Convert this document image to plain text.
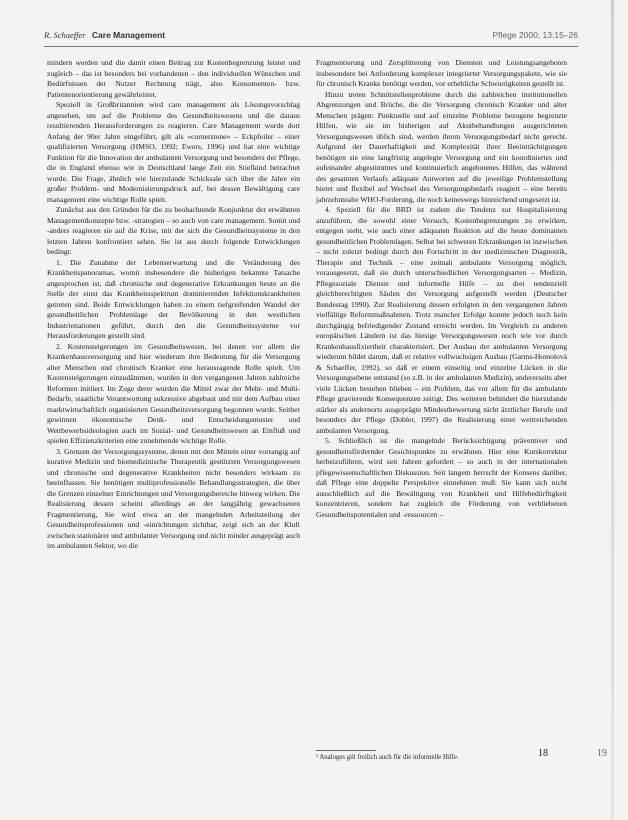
R. Schaeffer Care Management	Pflege 2000; 13:15–26

mindern werden und die damit einen Beitrag zur Kostenbegrenzung leistet und zugleich – das ist besonders bei vorhandenen – den individuellen Wünschen und Bedürfnissen der Nutzer Rechnung trägt, also Konsumenten- bzw. Patientenorientierung gewährleistet.

Speziell in Großbritannien wird care management als Lösungsvorschlag angesehen, um auf die Probleme des Gesundheitswesens und die daraus resultierenden Herausforderungen zu reagieren. Care Management wurde dort Anfang der 90er Jahre eingeführt, gilt als «cornerstone» – Eckpfeiler – einer qualifizierten Versorgung (HMSO, 1992; Ewers, 1996) und hat eine wichtige Funktion für die Innovation der ambulanten Versorgung und besonders der Pflege, die in England ebenso wie in Deutschland lange Zeit ein Stiefkind betrachtet wurde. Die Frage, ähnlich wie hierzulande Schicksale sich über die Jahre ein großer Problem- und Modernisierungsdruck auf, bei dessen Bewältigung care management eine wichtige Rolle spielt.

Zunächst aus den Gründen für die zu beobachtende Konjunktur der erwähnten Managementkonzepte bzw. -strategien – so auch von care management. Somit und -anders reagieren sie auf die Krise, mit der sich die Gesundheitssysteme in den letzten Jahren konfrontiert sehen. Sie ist aus durch folgende Entwicklungen bedingt:

1. Die Zunahme der Lebenserwartung und die Veränderung des Krankheitspanoramas, womit insbesondere die bisherigen bekannte Tatsache angesprochen ist, daß chronische und degenerative Erkrankungen heute an die Stelle der einst das Krankheitsspektrum dominierenden Infektionskrankheiten getreten sind. Beide Entwicklungen haben zu einem tiefgreifenden Wandel der gesundheitlichen Problemlage der Bevölkerung in den westlichen Industrienationen geführt, durch den die Gesundheitssysteme vor Herausforderungen gestellt sind.

2. Kostensteigerungen im Gesundheitswesen, bei denen vor allem die Krankenhausversorgung und hier wiederum ihre Bedeutung für die Versorgung alter Menschen und chronisch Kranker eine herausragende Rolle spielt. Um Kostensteigerungen einzudämmen, wurden in den vergangenen Jahren zahlreiche Reformen initiiert. Im Zuge derer wurden die Mittel zwar der Mehr- und Multi-Bedarfe, staatliche Verantwortung sukzessive abgebaut und mit dem Aufbau einer marktwirtschaftlich organisierten Gesundheitsversorgung begonnen wurde. Seither gewinnen ökonomische Denk- und Entscheidungsmuster und Wettbewerbsideologien auch im Sozial- und Gesundheitswesen an Einfluß und spielen Effizienzkriterien eine zunehmende wichtige Rolle.

3. Grenzen der Versorgungssysteme, denen mit den Mitteln einer vorrangig auf kurative Medizin und biomedizinische Therapeutik gestützten Versorgungswesen und chronische und degenerative Krankheiten nicht besonders wirksam zu beeinflussen. Sie benötigen multiprofessionelle Behandlungsstrategien, die über die Grenzen einzelner Einrichtungen und Versorgungsbereiche hinweg wirken. Die Realisierung dessen scheint allerdings an der langjährig gewachsenen Fragmentierung, Sie wird etwa an der mangelnden Arbeitsteilung der Gesundheitsprofessionen und -einrichtungen sichtbar, zeigt sich an der Kluft zwischen stationärer und ambulanter Versorgung und nicht minder ausgeprägt auch im ambulanten Sektor, wo die

Fragmentierung und Zersplitterung von Diensten und Leistungsangeboten insbesondere bei Anforderung komplexer integrierter Versorgungspakete, wie sie für chronisch Kranke benötigt werden, vor erhebliche Schwierigkeiten gestellt ist.

Hinzu treten Schnittstellenprobleme durch die zahlreichen institutionellen Abgrenzungen und Brüche, die die Versorgung chronisch Kranker und alter Menschen prägen: Punktuelle und auf einzelne Probleme bezogene begrenzte Hilfen, wie sie im bisherigen auf Akutbehandlungen ausgerichteten Versorgungswesen üblich sind, werden ihrem Versorgungsbedarf nicht gerecht. Aufgrund der Dauerhaftigkeit und Komplexität ihrer Beeinträchtigungen benötigen sie eine langfristig angelegte Versorgung und ein koordiniertes und aufeinander abgestimmtes und kontinuierlich angebotenes Hilfen, das während des gesamten Verlaufs adäquate Antworten auf die jeweilige Problemstellung bietet und flexibel auf Wechsel des Versorgungsbedarfs reagiert – eine bereits jahrzehntealte WHO-Forderung, die noch keineswegs hinreichend umgesetzt ist.

4. Speziell für die BRD ist zudem die Tendenz zur Hospitalisierung anzuführen, die sowohl einer Versuch, Kostenbegrenzungen zu erwirken, entgegen steht, wie auch einer adäquaten Reaktion auf die heute dominanten gesundheitlichen Problemlagen. Selbst bei schweren Erkrankungen ist inzwischen – nicht zuletzt bedingt durch den Fortschritt in der medizinischen Diagnostik, Therapie und Technik – eine zeitnah ambulante Versorgung möglich, vorausgesetzt, daß sie durch unterschiedlichen Versorgungsarten – Medizin, Pflegesoziale Dienste und informelle Hilfe – zu drei tendenziell gleichberechtigten Säulen der Versorgung aufgestellt werden (Deutscher Bundestag 1990). Zur Realisierung dessen erfolgten in den vergangenen Jahren vielfältige Reformmaßnahmen. Trotz mancher Erfolge konnte jedoch noch kein durchgängig befriedigender Zustand erreicht werden. Im Vergleich zu anderen europäischen Ländern ist das hiesige Versorgungswesen noch wie vor durch Krankenhausfixiertheit charakterisiert. Der Ausbau der ambulanten Versorgung wiederum bildet darum, daß er relative vollwuchsigen Ausbau (Garms-Homolová & Schaeffer, 1992), so daß er einem einseitig und einzelne Lücken in die Versorgungsebene entstand (so z.B. in der ambulanten Medizin), andererseits aber viele Lücken bestehen blieben – ein Problem, das vor allem für die ambulante Pflege gravierende Konsequenzen zeitigt. Des weiteren behindert die hierzulande stärker als andernorts ausgeprägte Mindestbewertung nicht ärztlicher Berufe und besonders der Pflege (Dobler, 1997) die Realisierung einer weitreichenden ambulanten Versorgung.

5. Schließlich ist die mangelnde Berücksichtigung präventiver und gesundheitsfördernder Gesichtspunkte zu erwähnen. Hier eine Kurskorrektur herbeizuführen, wird seit Jahren gefordert – so auch in der internationalen pflegewissenschaftlichen Diskussion. Seit langem herrscht der Konsens darüber, daß Pflege eine doppelte Perspektive einnehmen muß: Sie kann sich nicht ausschließlich auf die Bewältigung von Krankheit und Hilfebedürftigkeit konzentrieren, sondern hat zugleich die Förderung von verbliebenen Gesundheitspotentialen und -ressourcen –

¹ Analoges gilt freilich auch für die informelle Hilfe.	18	19
